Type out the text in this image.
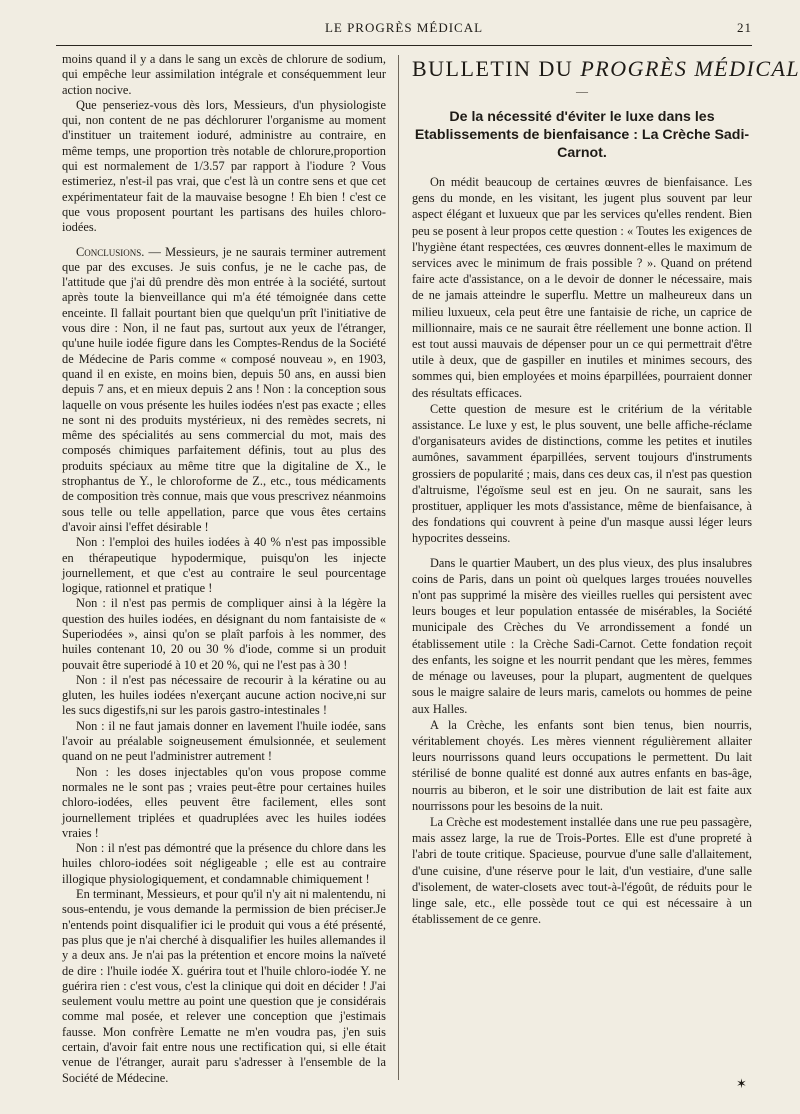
LE PROGRÈS MÉDICAL	21

moins quand il y a dans le sang un excès de chlorure de sodium, qui empêche leur assimilation intégrale et conséquemment leur action nocive.

Que penseriez-vous dès lors, Messieurs, d'un physiologiste qui, non content de ne pas déchlorurer l'organisme au moment d'instituer un traitement ioduré, administre au contraire, en même temps, une proportion très notable de chlorure,proportion qui est normalement de 1/3.57 par rapport à l'iodure ? Vous estimeriez, n'est-il pas vrai, que c'est là un contre sens et que cet expérimentateur fait de la mauvaise besogne ! Eh bien ! c'est ce que vous proposent pourtant les partisans des huiles chloro-iodées.

Conclusions. — Messieurs, je ne saurais terminer autrement que par des excuses. Je suis confus, je ne le cache pas, de l'attitude que j'ai dû prendre dès mon entrée à la société, surtout après toute la bienveillance qui m'a été témoignée dans cette enceinte. Il fallait pourtant bien que quelqu'un prît l'initiative de vous dire : Non, il ne faut pas, surtout aux yeux de l'étranger, qu'une huile iodée figure dans les Comptes-Rendus de la Société de Médecine de Paris comme « composé nouveau », en 1903, quand il en existe, en moins bien, depuis 50 ans, en aussi bien depuis 7 ans, et en mieux depuis 2 ans ! Non : la conception sous laquelle on vous présente les huiles iodées n'est pas exacte ; elles ne sont ni des produits mystérieux, ni des remèdes secrets, ni même des spécialités au sens commercial du mot, mais des composés chimiques parfaitement définis, tout au plus des produits spéciaux au même titre que la digitaline de X., le strophantus de Y., le chloroforme de Z., etc., tous médicaments de composition très connue, mais que vous prescrivez néanmoins sous telle ou telle appellation, parce que vous êtes certains d'avoir ainsi l'effet désirable !

Non : l'emploi des huiles iodées à 40 % n'est pas impossible en thérapeutique hypodermique, puisqu'on les injecte journellement, et que c'est au contraire le seul pourcentage logique, rationnel et pratique !

Non : il n'est pas permis de compliquer ainsi à la légère la question des huiles iodées, en désignant du nom fantaisiste de « Superiodées », ainsi qu'on se plaît parfois à les nommer, des huiles contenant 10, 20 ou 30 % d'iode, comme si un produit pouvait être superiodé à 10 et 20 %, qui ne l'est pas à 30 !

Non : il n'est pas nécessaire de recourir à la kératine ou au gluten, les huiles iodées n'exerçant aucune action nocive,ni sur les sucs digestifs,ni sur les parois gastro-intestinales !

Non : il ne faut jamais donner en lavement l'huile iodée, sans l'avoir au préalable soigneusement émulsionnée, et seulement quand on ne peut l'administrer autrement !

Non : les doses injectables qu'on vous propose comme normales ne le sont pas ; vraies peut-être pour certaines huiles chloro-iodées, elles peuvent être facilement, elles sont journellement triplées et quadruplées avec les huiles iodées vraies !

Non : il n'est pas démontré que la présence du chlore dans les huiles chloro-iodées soit négligeable ; elle est au contraire illogique physiologiquement, et condamnable chimiquement !

En terminant, Messieurs, et pour qu'il n'y ait ni malentendu, ni sous-entendu, je vous demande la permission de bien préciser.Je n'entends point disqualifier ici le produit qui vous a été présenté, pas plus que je n'ai cherché à disqualifier les huiles allemandes il y a deux ans. Je n'ai pas la prétention et encore moins la naïveté de dire : l'huile iodée X. guérira tout et l'huile chloro-iodée Y. ne guérira rien : c'est vous, c'est la clinique qui doit en décider ! J'ai seulement voulu mettre au point une question que je considérais comme mal posée, et relever une conception que j'estimais fausse. Mon confrère Lematte ne m'en voudra pas, j'en suis certain, d'avoir fait entre nous une rectification qui, si elle était venue de l'étranger, aurait paru s'adresser à l'ensemble de la Société de Médecine.

BULLETIN DU PROGRÈS MÉDICAL
—
De la nécessité d'éviter le luxe dans les Etablissements de bienfaisance : La Crèche Sadi-Carnot.

On médit beaucoup de certaines œuvres de bienfaisance. Les gens du monde, en les visitant, les jugent plus souvent par leur aspect élégant et luxueux que par les services qu'elles rendent. Bien peu se posent à leur propos cette question : « Toutes les exigences de l'hygiène étant respectées, ces œuvres donnent-elles le maximum de services avec le minimum de frais possible ? ». Quand on prétend faire acte d'assistance, on a le devoir de donner le nécessaire, mais de ne jamais atteindre le superflu. Mettre un malheureux dans un milieu luxueux, cela peut être une fantaisie de riche, un caprice de millionnaire, mais ce ne saurait être réellement une bonne action. Il est tout aussi mauvais de dépenser pour un ce qui permettrait d'être utile à deux, que de gaspiller en inutiles et minimes secours, des sommes qui, bien employées et moins éparpillées, pourraient donner des résultats efficaces.

Cette question de mesure est le critérium de la véritable assistance. Le luxe y est, le plus souvent, une belle affiche-réclame d'organisateurs avides de distinctions, comme les petites et inutiles aumônes, savamment éparpillées, servent toujours d'instruments grossiers de popularité ; mais, dans ces deux cas, il n'est pas question d'altruisme, l'égoïsme seul est en jeu. On ne saurait, sans les prostituer, appliquer les mots d'assistance, même de bienfaisance, à des fondations qui couvrent à peine d'un masque aussi léger leurs hypocrites desseins.

Dans le quartier Maubert, un des plus vieux, des plus insalubres coins de Paris, dans un point où quelques larges trouées nouvelles n'ont pas supprimé la misère des vieilles ruelles qui persistent avec leurs bouges et leur population entassée de misérables, la Société municipale des Crèches du Ve arrondissement a fondé un établissement utile : la Crèche Sadi-Carnot. Cette fondation reçoit des enfants, les soigne et les nourrit pendant que les mères, femmes de ménage ou laveuses, pour la plupart, augmentent de quelques sous le maigre salaire de leurs maris, camelots ou hommes de peine aux Halles.

A la Crèche, les enfants sont bien tenus, bien nourris, véritablement choyés. Les mères viennent régulièrement allaiter leurs nourrissons quand leurs occupations le permettent. Du lait stérilisé de bonne qualité est donné aux autres enfants en bas-âge, nourris au biberon, et le soir une distribution de lait est faite aux nourrissons pour les besoins de la nuit.

La Crèche est modestement installée dans une rue peu passagère, mais assez large, la rue de Trois-Portes. Elle est d'une propreté à l'abri de toute critique. Spacieuse, pourvue d'une salle d'allaitement, d'une cuisine, d'une réserve pour le lait, d'un vestiaire, d'une salle d'isolement, de water-closets avec tout-à-l'égoût, de réduits pour le linge sale, etc., elle possède tout ce qui est nécessaire à un établissement de ce genre.

✶
